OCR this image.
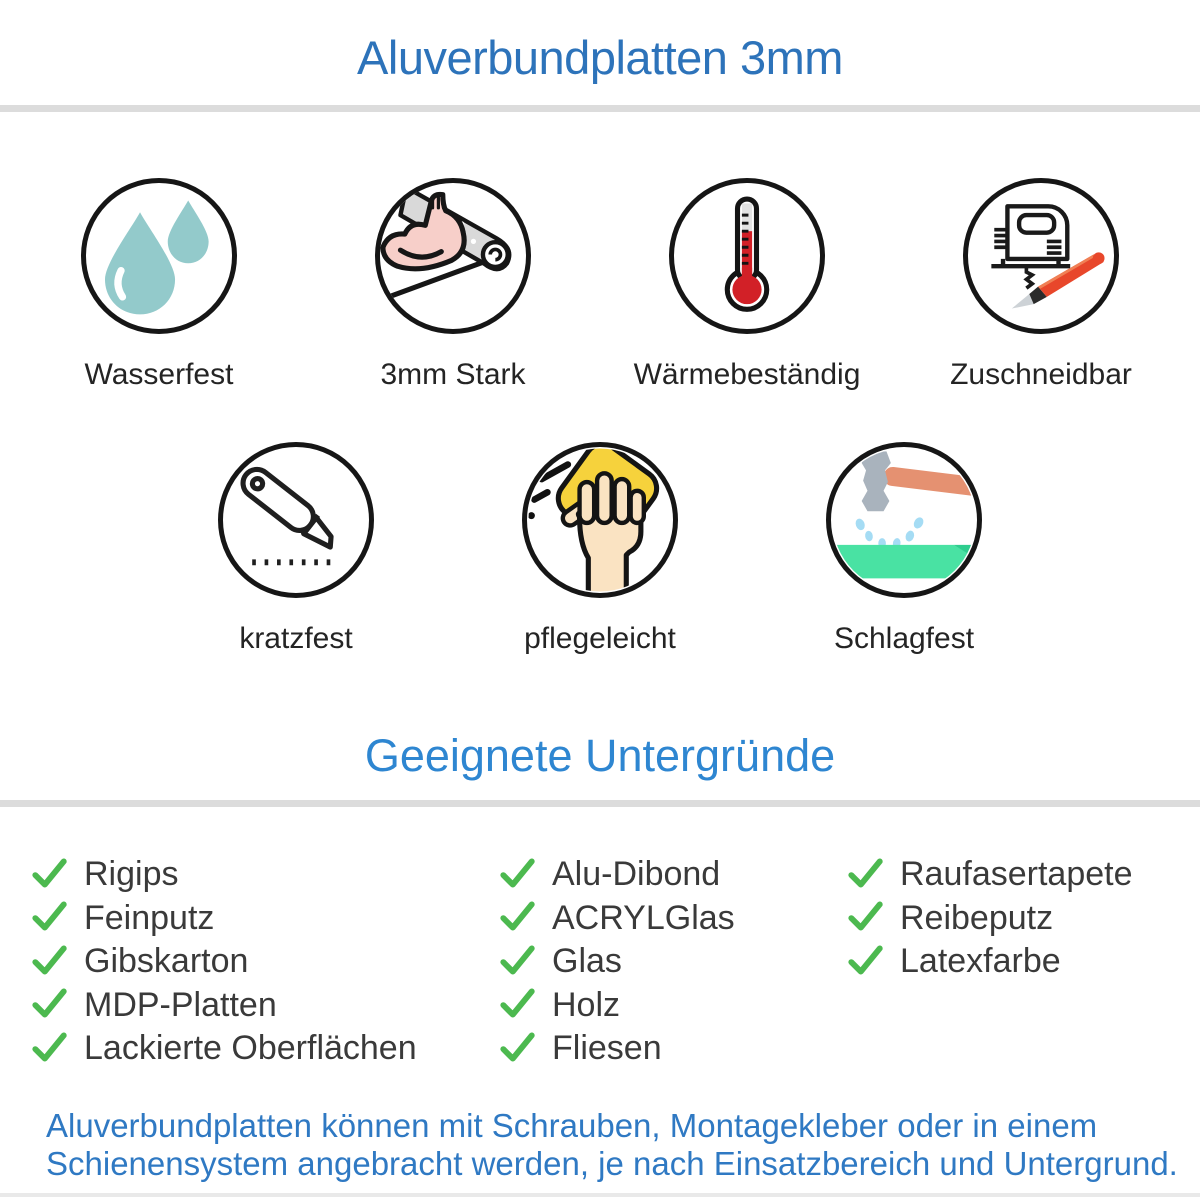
Aluverbundplatten 3mm
Wasserfest	3mm Stark	Wärmebeständig	Zuschneidbar
kratzfest	pflegeleicht	Schlagfest
Geeignete Untergründe
Rigips
Feinputz
Gibskarton
MDP-Platten
Lackierte Oberflächen
Alu-Dibond
ACRYLGlas
Glas
Holz
Fliesen
Raufasertapete
Reibeputz
Latexfarbe
Aluverbundplatten können mit Schrauben, Montagekleber oder in einem
Schienensystem angebracht werden, je nach Einsatzbereich und Untergrund.
